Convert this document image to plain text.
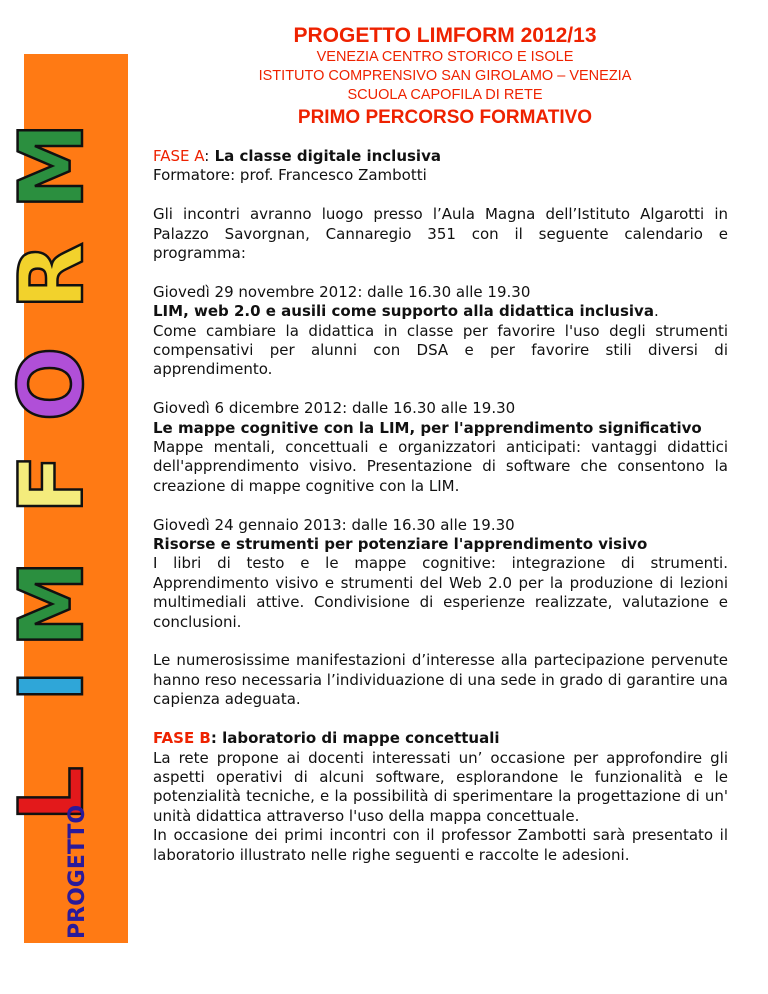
L
I
M
F
O
R
M
PROGETTO
PROGETTO LIMFORM 2012/13
VENEZIA CENTRO STORICO E ISOLE
ISTITUTO COMPRENSIVO SAN GIROLAMO – VENEZIA
SCUOLA CAPOFILA DI RETE
PRIMO PERCORSO FORMATIVO

FASE A: La classe digitale inclusiva
Formatore: prof. Francesco Zambotti

Gli incontri avranno luogo presso l’Aula Magna dell’Istituto Algarotti in Palazzo Savorgnan, Cannaregio 351 con il seguente calendario e programma:

Giovedì 29 novembre 2012: dalle 16.30 alle 19.30
LIM, web 2.0 e ausili come supporto alla didattica inclusiva.
Come cambiare la didattica in classe per favorire l'uso degli strumenti compensativi per alunni con DSA e per favorire stili diversi di apprendimento.

Giovedì 6 dicembre 2012: dalle 16.30 alle 19.30
Le mappe cognitive con la LIM, per l'apprendimento significativo
Mappe mentali, concettuali e organizzatori anticipati: vantaggi didattici dell'apprendimento visivo. Presentazione di software che consentono la creazione di mappe cognitive con la LIM.

Giovedì 24 gennaio 2013: dalle 16.30 alle 19.30
Risorse e strumenti per potenziare l'apprendimento visivo
I libri di testo e le mappe cognitive: integrazione di strumenti. Apprendimento visivo e strumenti del Web 2.0 per la produzione di lezioni multimediali attive. Condivisione di esperienze realizzate, valutazione e conclusioni.

Le numerosissime manifestazioni d’interesse alla partecipazione pervenute hanno reso necessaria l’individuazione di una sede in grado di garantire una capienza adeguata.

FASE B: laboratorio di mappe concettuali
La rete propone ai docenti interessati un’ occasione per approfondire gli aspetti operativi di alcuni software, esplorandone le funzionalità e le potenzialità tecniche, e la possibilità di sperimentare la progettazione di un' unità didattica attraverso l'uso della mappa concettuale.
In occasione dei primi incontri con il professor Zambotti sarà presentato il laboratorio illustrato nelle righe seguenti e raccolte le adesioni.
